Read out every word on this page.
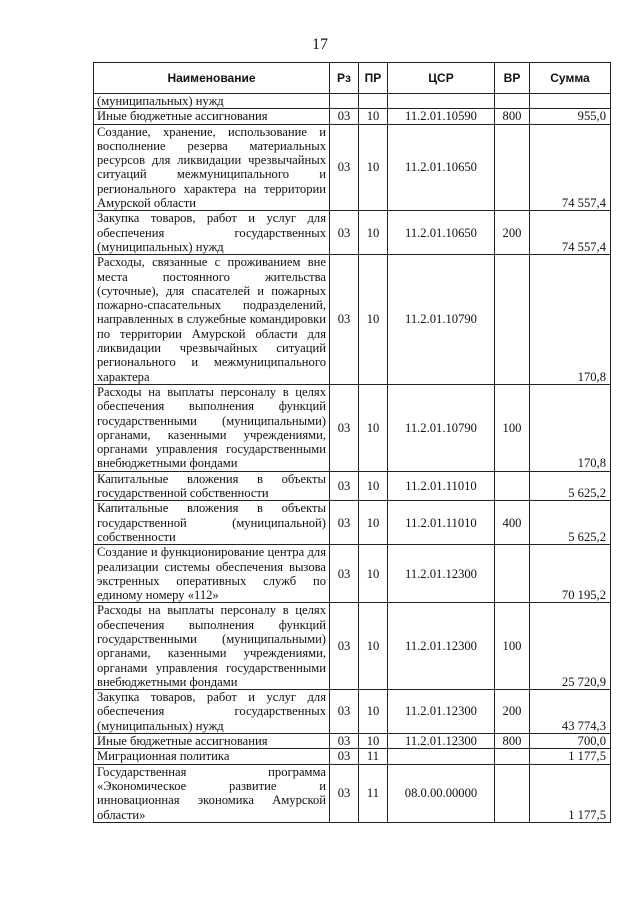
17
Наименование	Рз	ПР	ЦСР	ВР	Сумма
(муниципальных) нужд					
Иные бюджетные ассигнования	03	10	11.2.01.10590	800	955,0
Создание, хранение, использование и восполнение резерва материальных ресурсов для ликвидации чрезвычайных ситуаций межмуниципального и регионального характера на территории Амурской области	03	10	11.2.01.10650		74 557,4
Закупка товаров, работ и услуг для обеспечения государственных (муниципальных) нужд	03	10	11.2.01.10650	200	74 557,4
Расходы, связанные с проживанием вне места постоянного жительства (суточные), для спасателей и пожарных пожарно-спасательных подразделений, направленных в служебные командировки по территории Амурской области для ликвидации чрезвычайных ситуаций регионального и межмуниципального характера	03	10	11.2.01.10790		170,8
Расходы на выплаты персоналу в целях обеспечения выполнения функций государственными (муниципальными) органами, казенными учреждениями, органами управления государственными внебюджетными фондами	03	10	11.2.01.10790	100	170,8
Капитальные вложения в объекты государственной собственности	03	10	11.2.01.11010		5 625,2
Капитальные вложения в объекты государственной (муниципальной) собственности	03	10	11.2.01.11010	400	5 625,2
Создание и функционирование центра для реализации системы обеспечения вызова экстренных оперативных служб по единому номеру «112»	03	10	11.2.01.12300		70 195,2
Расходы на выплаты персоналу в целях обеспечения выполнения функций государственными (муниципальными) органами, казенными учреждениями, органами управления государственными внебюджетными фондами	03	10	11.2.01.12300	100	25 720,9
Закупка товаров, работ и услуг для обеспечения государственных (муниципальных) нужд	03	10	11.2.01.12300	200	43 774,3
Иные бюджетные ассигнования	03	10	11.2.01.12300	800	700,0
Миграционная политика	03	11			1 177,5
Государственная программа «Экономическое развитие и инновационная экономика Амурской области»	03	11	08.0.00.00000		1 177,5
